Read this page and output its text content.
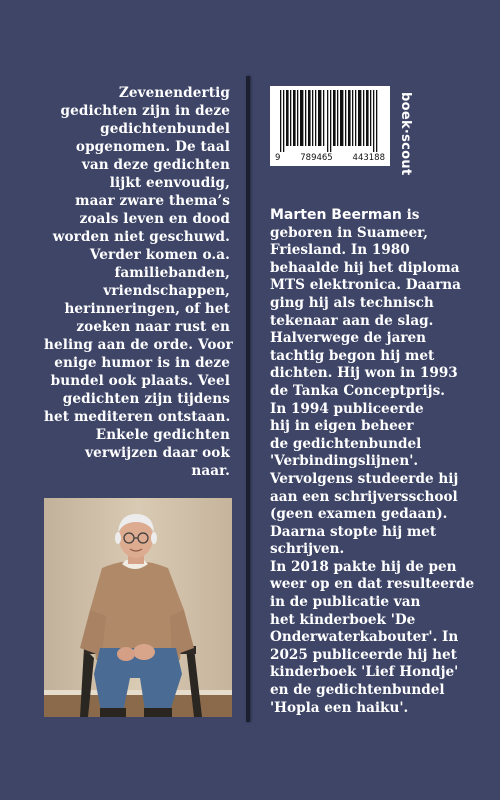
Zevenendertig
gedichten zijn in deze
gedichtenbundel
opgenomen. De taal
van deze gedichten
lijkt eenvoudig,
maar zware thema’s
zoals leven en dood
worden niet geschuwd.
Verder komen o.a.
familiebanden,
vriendschappen,
herinneringen, of het
zoeken naar rust en
heling aan de orde. Voor
enige humor is in deze
bundel ook plaats. Veel
gedichten zijn tijdens
het mediteren ontstaan.
Enkele gedichten
verwijzen daar ook
naar.
9 789465 443188 boek·scout
Marten Beerman is
geboren in Suameer,
Friesland. In 1980
behaalde hij het diploma
MTS elektronica. Daarna
ging hij als technisch
tekenaar aan de slag.
Halverwege de jaren
tachtig begon hij met
dichten. Hij won in 1993
de Tanka Conceptprijs.
In 1994 publiceerde
hij in eigen beheer
de gedichtenbundel
'Verbindingslijnen'.
Vervolgens studeerde hij
aan een schrijversschool
(geen examen gedaan).
Daarna stopte hij met
schrijven.
In 2018 pakte hij de pen
weer op en dat resulteerde
in de publicatie van
het kinderboek 'De
Onderwaterkabouter'. In
2025 publiceerde hij het
kinderboek 'Lief Hondje'
en de gedichtenbundel
'Hopla een haiku'.
